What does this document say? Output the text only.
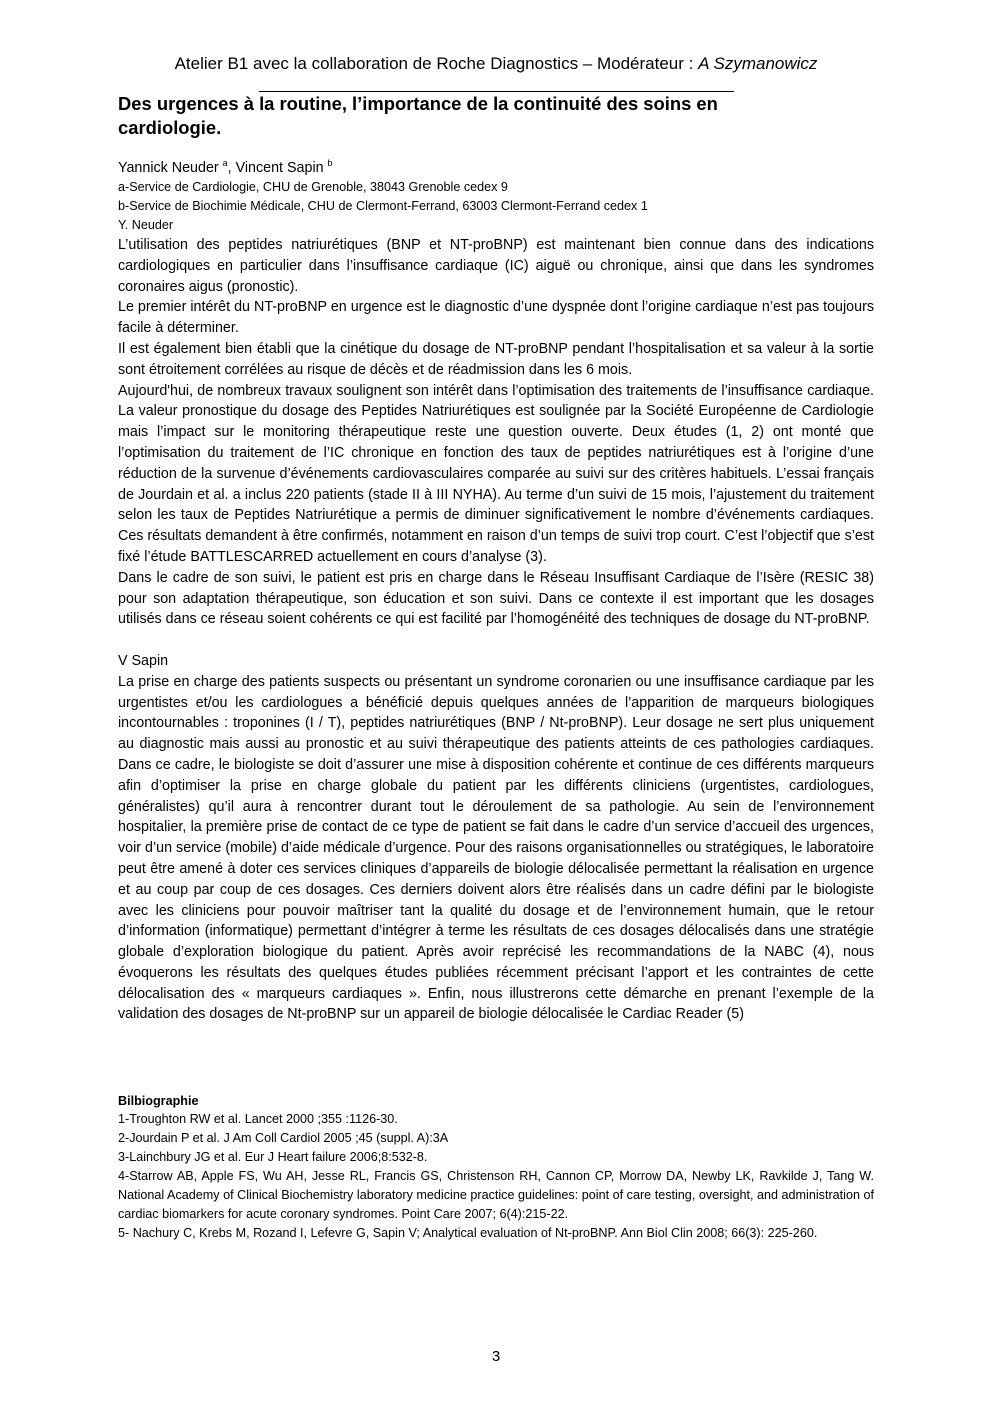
Atelier B1 avec la collaboration de Roche Diagnostics – Modérateur : A Szymanowicz
Des urgences à la routine, l’importance de la continuité des soins en cardiologie.
Yannick Neuder $^a$, Vincent Sapin $^b$
a-Service de Cardiologie, CHU de Grenoble, 38043 Grenoble cedex 9
b-Service de Biochimie Médicale, CHU de Clermont-Ferrand, 63003 Clermont-Ferrand cedex 1
Y. Neuder

L’utilisation des peptides natriurétiques (BNP et NT-proBNP) est maintenant bien connue dans des indications cardiologiques en particulier dans l’insuffisance cardiaque (IC) aiguë ou chronique, ainsi que dans les syndromes coronaires aigus (pronostic).

Le premier intérêt du NT-proBNP en urgence est le diagnostic d’une dyspnée dont l’origine cardiaque n’est pas toujours facile à déterminer.

Il est également bien établi que la cinétique du dosage de NT-proBNP pendant l’hospitalisation et sa valeur à la sortie sont étroitement corrélées au risque de décès et de réadmission dans les 6 mois.

Aujourd'hui, de nombreux travaux soulignent son intérêt dans l’optimisation des traitements de l’insuffisance cardiaque. La valeur pronostique du dosage des Peptides Natriurétiques est soulignée par la Société Européenne de Cardiologie mais l’impact sur le monitoring thérapeutique reste une question ouverte. Deux études (1, 2) ont monté que l’optimisation du traitement de l’IC chronique en fonction des taux de peptides natriurétiques est à l’origine d’une réduction de la survenue d’événements cardiovasculaires comparée au suivi sur des critères habituels. L’essai français de Jourdain et al. a inclus 220 patients (stade II à III NYHA). Au terme d’un suivi de 15 mois, l’ajustement du traitement selon les taux de Peptides Natriurétique a permis de diminuer significativement le nombre d’événements cardiaques. Ces résultats demandent à être confirmés, notamment en raison d’un temps de suivi trop court. C’est l’objectif que s’est fixé l’étude BATTLESCARRED actuellement en cours d’analyse (3).

Dans le cadre de son suivi, le patient est pris en charge dans le Réseau Insuffisant Cardiaque de l’Isère (RESIC 38) pour son adaptation thérapeutique, son éducation et son suivi. Dans ce contexte il est important que les dosages utilisés dans ce réseau soient cohérents ce qui est facilité par l’homogénéité des techniques de dosage du NT-proBNP.

V Sapin

La prise en charge des patients suspects ou présentant un syndrome coronarien ou une insuffisance cardiaque par les urgentistes et/ou les cardiologues a bénéficié depuis quelques années de l’apparition de marqueurs biologiques incontournables : troponines (I / T), peptides natriurétiques (BNP / Nt-proBNP). Leur dosage ne sert plus uniquement au diagnostic mais aussi au pronostic et au suivi thérapeutique des patients atteints de ces pathologies cardiaques. Dans ce cadre, le biologiste se doit d’assurer une mise à disposition cohérente et continue de ces différents marqueurs afin d’optimiser la prise en charge globale du patient par les différents cliniciens (urgentistes, cardiologues, généralistes) qu’il aura à rencontrer durant tout le déroulement de sa pathologie. Au sein de l’environnement hospitalier, la première prise de contact de ce type de patient se fait dans le cadre d’un service d’accueil des urgences, voir d’un service (mobile) d’aide médicale d’urgence. Pour des raisons organisationnelles ou stratégiques, le laboratoire peut être amené à doter ces services cliniques d’appareils de biologie délocalisée permettant la réalisation en urgence et au coup par coup de ces dosages. Ces derniers doivent alors être réalisés dans un cadre défini par le biologiste avec les cliniciens pour pouvoir maîtriser tant la qualité du dosage et de l’environnement humain, que le retour d’information (informatique) permettant d’intégrer à terme les résultats de ces dosages délocalisés dans une stratégie globale d’exploration biologique du patient. Après avoir reprécisé les recommandations de la NABC (4), nous évoquerons les résultats des quelques études publiées récemment précisant l’apport et les contraintes de cette délocalisation des « marqueurs cardiaques ». Enfin, nous illustrerons cette démarche en prenant l’exemple de la validation des dosages de Nt-proBNP sur un appareil de biologie délocalisée le Cardiac Reader (5)

Bilbiographie

1-Troughton RW et al. Lancet 2000 ;355 :1126-30.

2-Jourdain P et al. J Am Coll Cardiol 2005 ;45 (suppl. A):3A

3-Lainchbury JG et al. Eur J Heart failure 2006;8:532-8.

4-Starrow AB, Apple FS, Wu AH, Jesse RL, Francis GS, Christenson RH, Cannon CP, Morrow DA, Newby LK, Ravkilde J, Tang W. National Academy of Clinical Biochemistry laboratory medicine practice guidelines: point of care testing, oversight, and administration of cardiac biomarkers for acute coronary syndromes. Point Care 2007; 6(4):215-22.

5- Nachury C, Krebs M, Rozand I, Lefevre G, Sapin V; Analytical evaluation of Nt-proBNP. Ann Biol Clin 2008; 66(3): 225-260.

3
